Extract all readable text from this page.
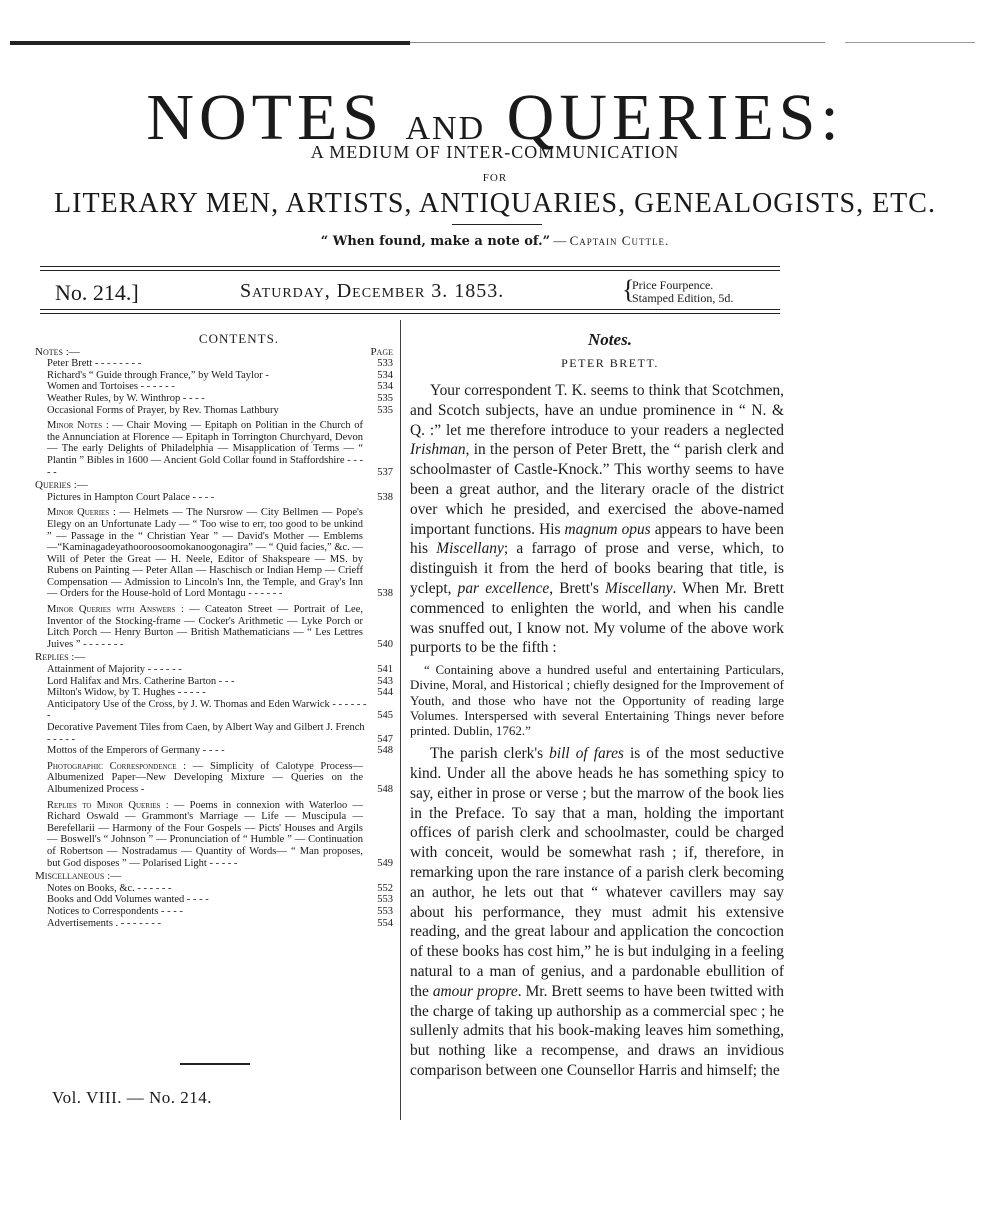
NOTES AND QUERIES:
A MEDIUM OF INTER-COMMUNICATION
FOR
LITERARY MEN, ARTISTS, ANTIQUARIES, GENEALOGISTS, ETC.
“ When found, make a note of.” — Captain Cuttle.
No. 214.]	Saturday, December 3. 1853.	{
Price Fourpence.
Stamped Edition, 5d.
CONTENTS.
Notes :—	Page
Peter Brett - - - - - - - -	533
Richard's “ Guide through France,” by Weld Taylor -	534
Women and Tortoises - - - - - -	534
Weather Rules, by W. Winthrop - - - -	535
Occasional Forms of Prayer, by Rev. Thomas Lathbury	535
Minor Notes : — Chair Moving — Epitaph on Politian in the Church of the Annunciation at Florence — Epitaph in Torrington Churchyard, Devon — The early Delights of Philadelphia — Misapplication of Terms — “ Plantin ” Bibles in 1600 — Ancient Gold Collar found in Staffordshire - - - - -	537
Queries :—
Pictures in Hampton Court Palace - - - -	538
Minor Queries : — Helmets — The Nursrow — City Bellmen — Pope's Elegy on an Unfortunate Lady — “ Too wise to err, too good to be unkind ” — Passage in the “ Christian Year ” — David's Mother — Emblems—“Kaminagadeyathooroosoomokanoogonagira” — “ Quid facies,” &c. — Will of Peter the Great — H. Neele, Editor of Shakspeare — MS. by Rubens on Painting — Peter Allan — Haschisch or Indian Hemp — Crieff Compensation — Admission to Lincoln's Inn, the Temple, and Gray's Inn — Orders for the House-hold of Lord Montagu - - - - - -	538
Minor Queries with Answers : — Cateaton Street — Portrait of Lee, Inventor of the Stocking-frame — Cocker's Arithmetic — Lyke Porch or Litch Porch — Henry Burton — British Mathematicians — “ Les Lettres Juives ” - - - - - - -	540
Replies :—
Attainment of Majority - - - - - -	541
Lord Halifax and Mrs. Catherine Barton - - -	543
Milton's Widow, by T. Hughes - - - - -	544
Anticipatory Use of the Cross, by J. W. Thomas and Eden Warwick - - - - - - -	545
Decorative Pavement Tiles from Caen, by Albert Way and Gilbert J. French - - - - -	547
Mottos of the Emperors of Germany - - - -	548
Photographic Correspondence : — Simplicity of Calotype Process—Albumenized Paper—New Developing Mixture — Queries on the Albumenized Process -	548
Replies to Minor Queries : — Poems in connexion with Waterloo — Richard Oswald — Grammont's Marriage — Life — Muscipula — Berefellarii — Harmony of the Four Gospels — Picts' Houses and Argils — Boswell's “ Johnson ” — Pronunciation of “ Humble ” — Continuation of Robertson — Nostradamus — Quantity of Words— “ Man proposes, but God disposes ” — Polarised Light - - - - -	549
Miscellaneous :—
Notes on Books, &c. - - - - - -	552
Books and Odd Volumes wanted - - - -	553
Notices to Correspondents - - - -	553
Advertisements . - - - - - - -	554
Vol. VIII. — No. 214.
Notes.
PETER BRETT.

Your correspondent T. K. seems to think that Scotchmen, and Scotch subjects, have an undue prominence in “ N. & Q. :” let me therefore introduce to your readers a neglected Irishman, in the person of Peter Brett, the “ parish clerk and schoolmaster of Castle-Knock.” This worthy seems to have been a great author, and the literary oracle of the district over which he presided, and exercised the above-named important functions. His magnum opus appears to have been his Miscellany; a farrago of prose and verse, which, to distinguish it from the herd of books bearing that title, is yclept, par excellence, Brett's Miscellany. When Mr. Brett commenced to enlighten the world, and when his candle was snuffed out, I know not. My volume of the above work purports to be the fifth :

“ Containing above a hundred useful and entertaining Particulars, Divine, Moral, and Historical ; chiefly designed for the Improvement of Youth, and those who have not the Opportunity of reading large Volumes. Interspersed with several Entertaining Things never before printed. Dublin, 1762.”

The parish clerk's bill of fares is of the most seductive kind. Under all the above heads he has something spicy to say, either in prose or verse ; but the marrow of the book lies in the Preface. To say that a man, holding the important offices of parish clerk and schoolmaster, could be charged with conceit, would be somewhat rash ; if, therefore, in remarking upon the rare instance of a parish clerk becoming an author, he lets out that “ whatever cavillers may say about his performance, they must admit his extensive reading, and the great labour and application the concoction of these books has cost him,” he is but indulging in a feeling natural to a man of genius, and a pardonable ebullition of the amour propre. Mr. Brett seems to have been twitted with the charge of taking up authorship as a commercial spec ; he sullenly admits that his book-making leaves him something, but nothing like a recompense, and draws an invidious comparison between one Counsellor Harris and himself; the
